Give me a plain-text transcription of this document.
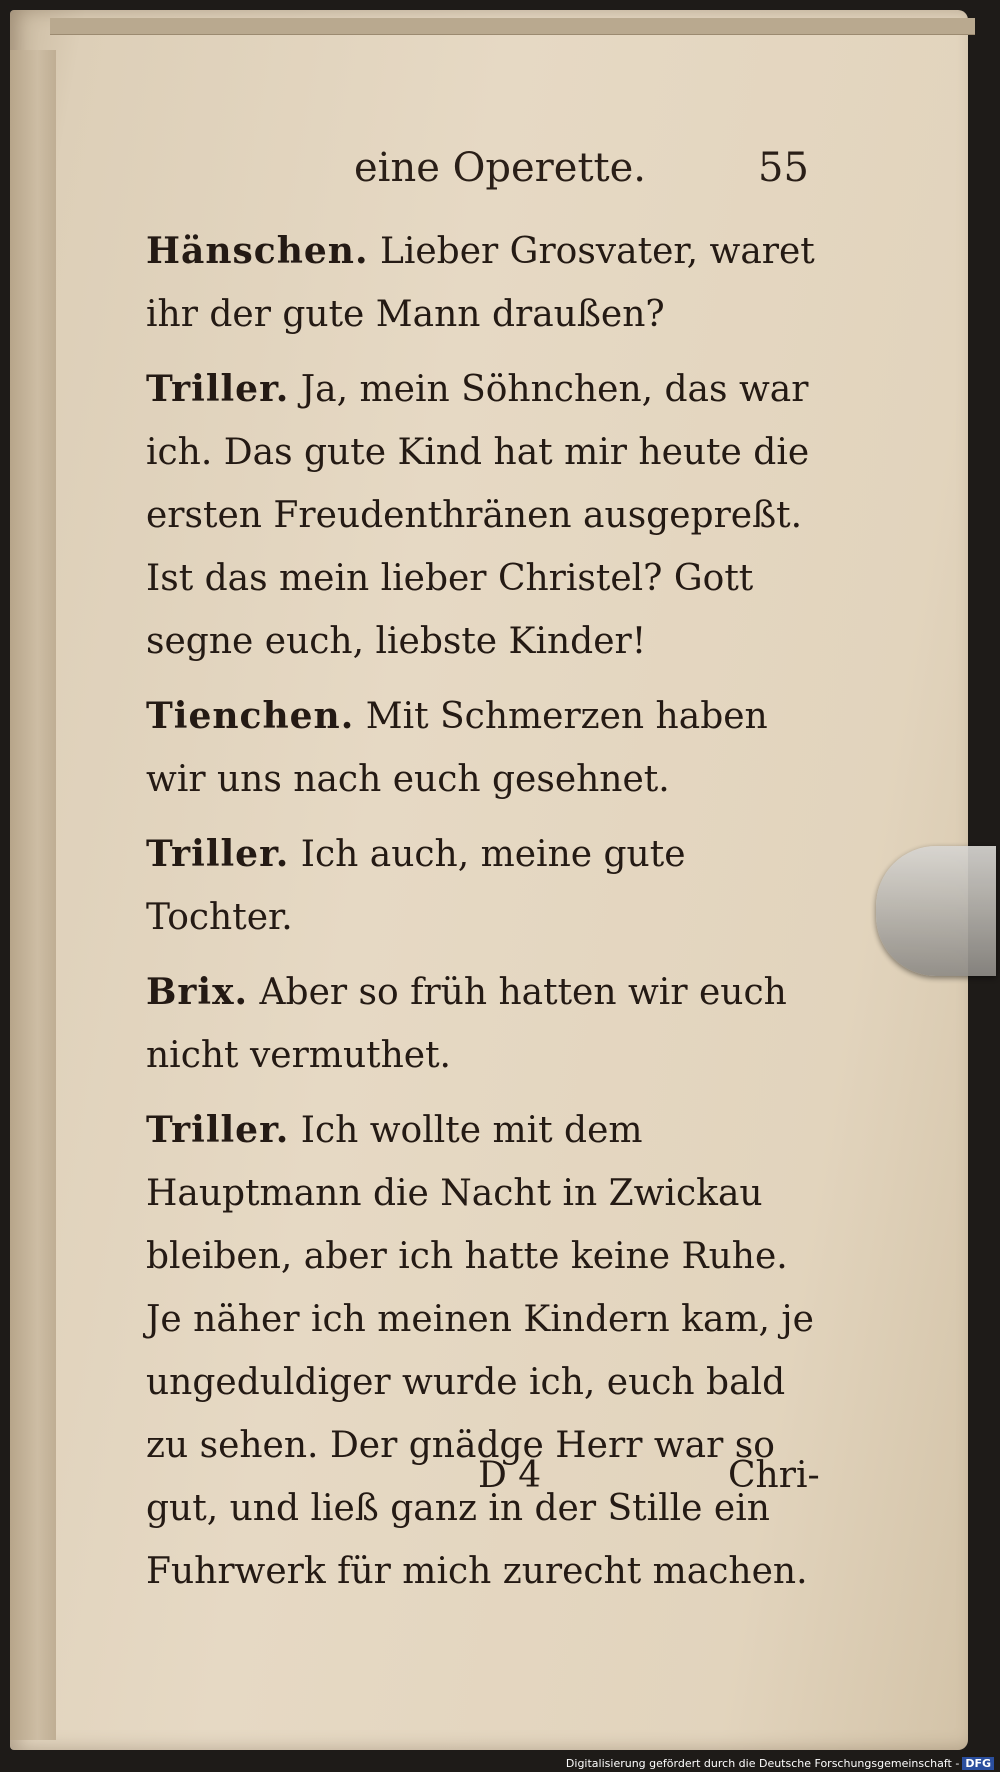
eine Operette.	55

Hänschen. Lieber Grosvater, waret ihr der gute Mann draußen?

Triller. Ja, mein Söhnchen, das war ich. Das gute Kind hat mir heute die ersten Freudenthränen ausgepreßt. Ist das mein lieber Christel? Gott segne euch, liebste Kinder!

Tienchen. Mit Schmerzen haben wir uns nach euch gesehnet.

Triller. Ich auch, meine gute Tochter.

Brix. Aber so früh hatten wir euch nicht vermuthet.

Triller. Ich wollte mit dem Hauptmann die Nacht in Zwickau bleiben, aber ich hatte keine Ruhe. Je näher ich meinen Kindern kam, je ungeduldiger wurde ich, euch bald zu sehen. Der gnädge Herr war so gut, und ließ ganz in der Stille ein Fuhrwerk für mich zurecht machen.

D 4	Chri-
Digitalisierung gefördert durch die Deutsche Forschungsgemeinschaft - DFG
